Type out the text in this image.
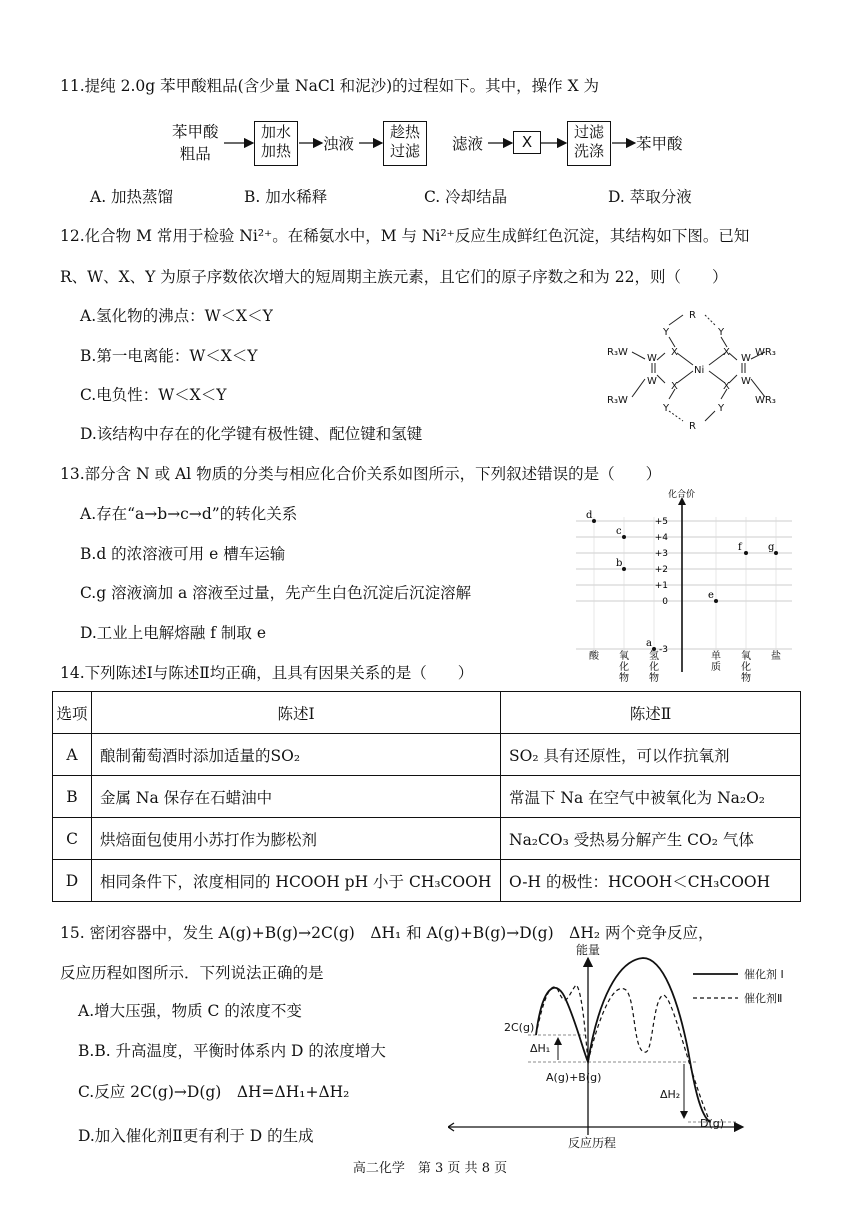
11.提纯 2.0g 苯甲酸粗品(含少量 NaCl 和泥沙)的过程如下。其中，操作 X 为
苯甲酸
粗品
加水
加热	浊液
趁热
过滤	滤液	X
过滤
洗涤	苯甲酸
A. 加热蒸馏	B. 加水稀释	C. 冷却结晶	D. 萃取分液
12.化合物 M 常用于检验 Ni²⁺。在稀氨水中，M 与 Ni²⁺反应生成鲜红色沉淀，其结构如下图。已知
R、W、X、Y 为原子序数依次增大的短周期主族元素，且它们的原子序数之和为 22，则（　　）
A.氢化物的沸点：W＜X＜Y
B.第一电离能：W＜X＜Y
C.电负性：W＜X＜Y
D.该结构中存在的化学键有极性键、配位键和氢键
Y
R
Y
X	X
Ni
W	W
W	W
X	X
Y	Y
R
R₃W
R₃W
WR₃
WR₃
13.部分含 N 或 Al 物质的分类与相应化合价关系如图所示，下列叙述错误的是（　　）
A.存在“a→b→c→d”的转化关系
B.d 的浓溶液可用 e 槽车运输
C.g 溶液滴加 a 溶液至过量，先产生白色沉淀后沉淀溶解
D.工业上电解熔融 f 制取 e
化合价
+5
+4
+3
+2
+1
0
-3
酸 氧
化
物
氢
化
物
单
质
氧
化
物
盐
d
c
b
a
e
f	g
14.下列陈述Ⅰ与陈述Ⅱ均正确，且具有因果关系的是（　　）
选项	陈述Ⅰ	陈述Ⅱ
A	酿制葡萄酒时添加适量的SO₂	SO₂ 具有还原性，可以作抗氧剂
B	金属 Na 保存在石蜡油中	常温下 Na 在空气中被氧化为 Na₂O₂
C	烘焙面包使用小苏打作为膨松剂	Na₂CO₃ 受热易分解产生 CO₂ 气体
D	相同条件下，浓度相同的 HCOOH pH 小于 CH₃COOH	O-H 的极性：HCOOH＜CH₃COOH
15. 密闭容器中，发生 A(g)+B(g)→2C(g)　ΔH₁ 和 A(g)+B(g)→D(g)　ΔH₂ 两个竞争反应，
反应历程如图所示．下列说法正确的是
A.增大压强，物质 C 的浓度不变
B.B. 升高温度，平衡时体系内 D 的浓度增大
C.反应 2C(g)→D(g)　ΔH=ΔH₁+ΔH₂
D.加入催化剂Ⅱ更有利于 D 的生成
催化剂 I
催化剂Ⅱ
能量
反应历程
2C(g)
ΔH₁
A(g)+B(g)
ΔH₂
D(g)
高二化学　第 3 页 共 8 页
